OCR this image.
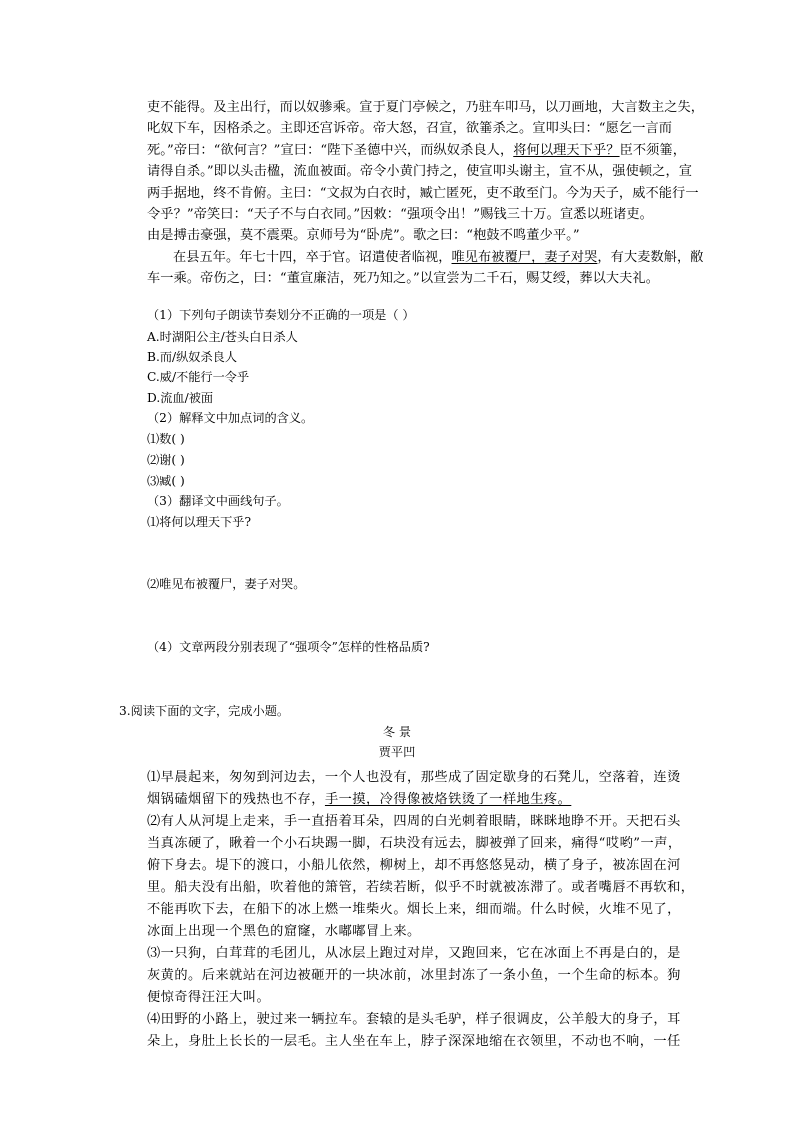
吏不能得。及主出行，而以奴骖乘。宣于夏门亭候之，乃驻车叩马，以刀画地，大言数主之失，
叱奴下车，因格杀之。主即还宫诉帝。帝大怒，召宣，欲箠杀之。宣叩头曰：“愿乞一言而
死。”帝曰：“欲何言？”宣曰：“陛下圣德中兴，而纵奴杀良人，将何以理天下乎？臣不须箠，
请得自杀。”即以头击楹，流血被面。帝令小黄门持之，使宣叩头谢主，宣不从，强使顿之，宣
两手据地，终不肯俯。主曰：“文叔为白衣时，臧亡匿死，吏不敢至门。今为天子，威不能行一
令乎？”帝笑曰：“天子不与白衣同。”因敕：“强项令出！”赐钱三十万。宣悉以班诸吏。
由是搏击豪强，莫不震栗。京师号为“卧虎”。歌之曰：“枹鼓不鸣董少平。”
在县五年。年七十四，卒于官。诏遣使者临视，唯见布被覆尸，妻子对哭，有大麦数斛，敝
车一乘。帝伤之，曰：“董宣廉洁，死乃知之。”以宣尝为二千石，赐艾绶，葬以大夫礼。
（1）下列句子朗读节奏划分不正确的一项是（ ）
A.时湖阳公主/苍头白日杀人
B.而/纵奴杀良人
C.威/不能行一令乎
D.流血/被面
（2）解释文中加点词的含义。
⑴数( )
⑵谢( )
⑶臧( )
（3）翻译文中画线句子。
⑴将何以理天下乎?
⑵唯见布被覆尸，妻子对哭。
（4）文章两段分别表现了“强项令”怎样的性格品质?
3.阅读下面的文字，完成小题。
冬 景
贾平凹
⑴早晨起来，匆匆到河边去，一个人也没有，那些成了固定歇身的石凳儿，空落着，连烫
烟锅磕烟留下的残热也不存，手一摸，冷得像被烙铁烫了一样地生疼。
⑵有人从河堤上走来，手一直捂着耳朵，四周的白光刺着眼睛，眯眯地睁不开。天把石头
当真冻硬了，瞅着一个小石块踢一脚，石块没有远去，脚被弹了回来，痛得“哎哟”一声，
俯下身去。堤下的渡口，小船儿依然，柳树上，却不再悠悠晃动，横了身子，被冻固在河
里。船夫没有出船，吹着他的箫管，若续若断，似乎不时就被冻滞了。或者嘴唇不再软和，
不能再吹下去，在船下的冰上燃一堆柴火。烟长上来，细而端。什么时候，火堆不见了，
冰面上出现一个黑色的窟窿，水嘟嘟冒上来。
⑶一只狗，白茸茸的毛团儿，从冰层上跑过对岸，又跑回来，它在冰面上不再是白的，是
灰黄的。后来就站在河边被砸开的一块冰前，冰里封冻了一条小鱼，一个生命的标本。狗
便惊奇得汪汪大叫。
⑷田野的小路上，驶过来一辆拉车。套辕的是头毛驴，样子很调皮，公羊般大的身子，耳
朵上，身肚上长长的一层毛。主人坐在车上，脖子深深地缩在衣领里，不动也不响，一任
